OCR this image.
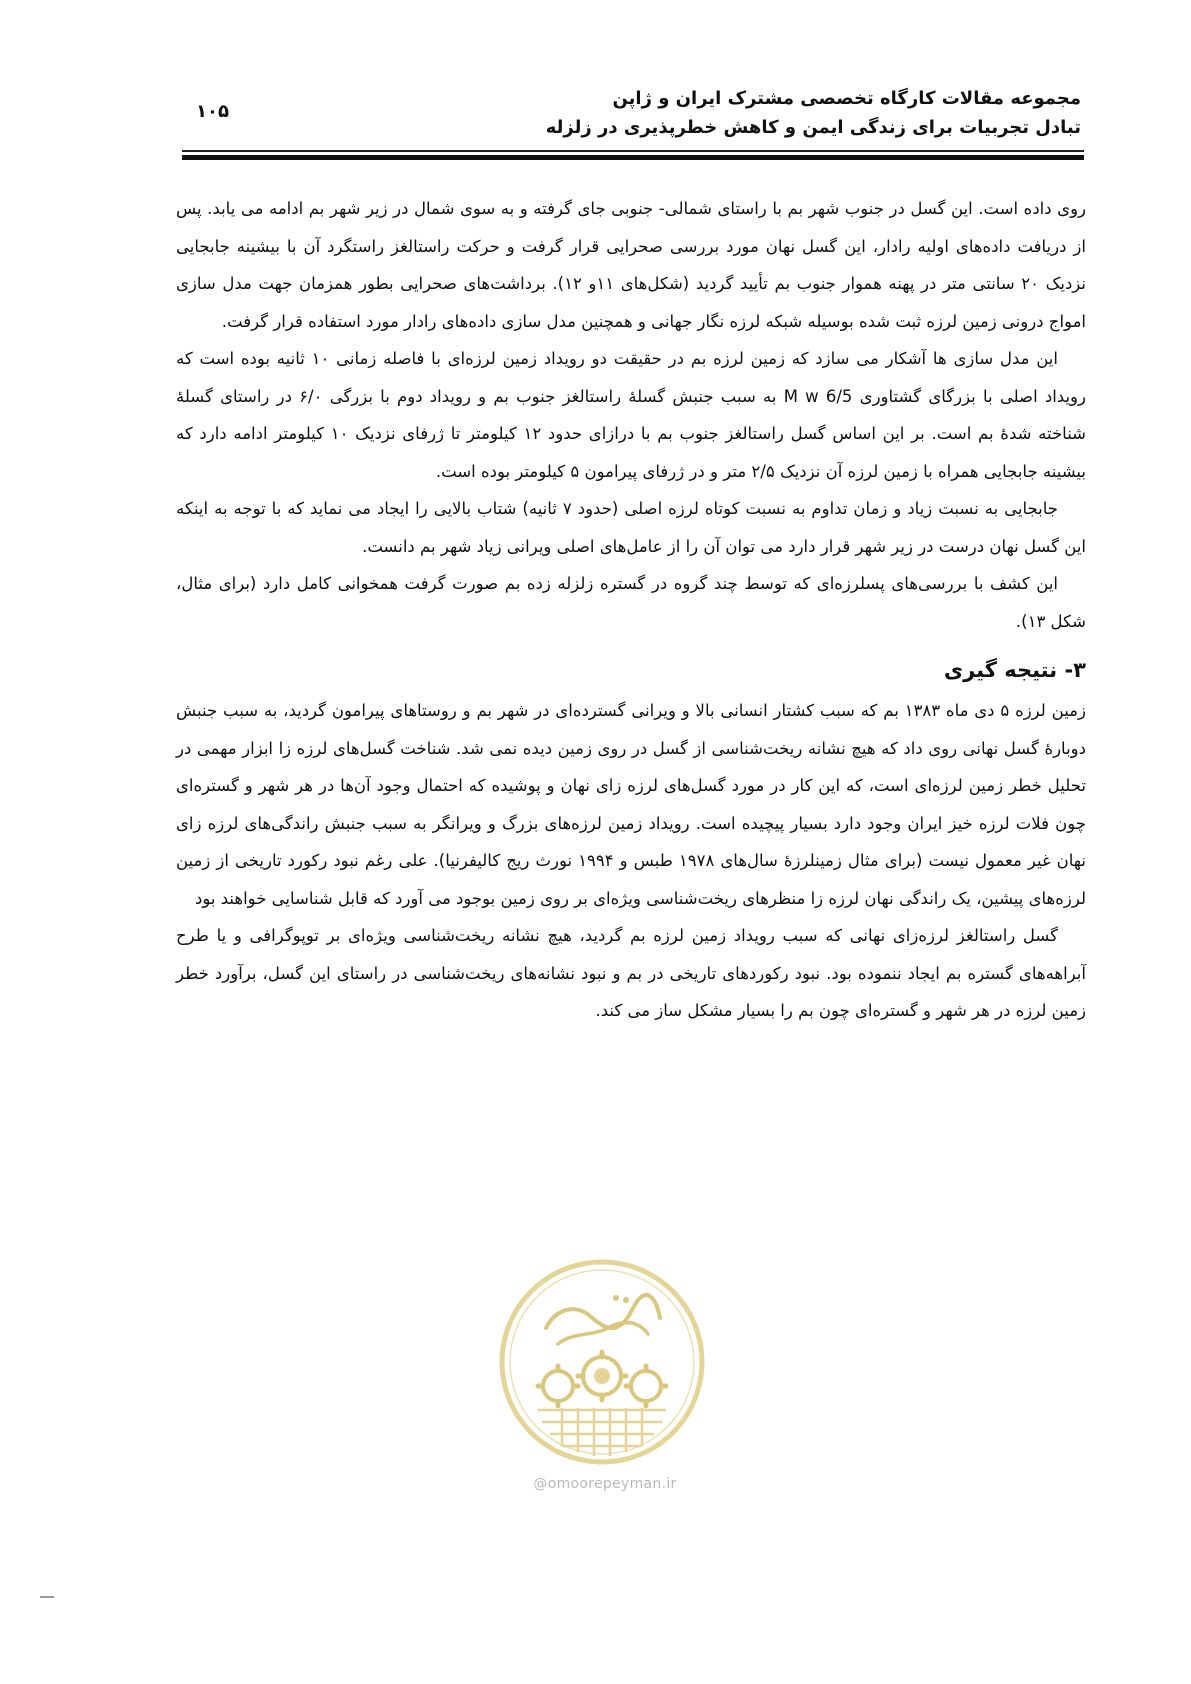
مجموعه مقالات کارگاه تخصصی مشترک ایران و ژاپن
تبادل تجربیات برای زندگی ایمن و کاهش خطرپذیری در زلزله
۱۰۵

روی داده است. این گسل در جنوب شهر بم با راستای شمالی- جنوبی جای گرفته و به سوی شمال در زیر شهر بم ادامه می یابد. پس از دریافت داده‌های اولیه رادار، این گسل نهان مورد بررسی صحرایی قرار گرفت و حرکت راستالغز راستگرد آن با بیشینه جابجایی نزدیک ۲۰ سانتی متر در پهنه هموار جنوب بم تأیید گردید (شکل‌های ۱۱و ۱۲). برداشت‌های صحرایی بطور همزمان جهت مدل سازی امواج درونی زمین لرزه ثبت شده بوسیله شبکه لرزه نگار جهانی و همچنین مدل سازی داده‌های رادار مورد استفاده قرار گرفت.

این مدل سازی ها آشکار می سازد که زمین لرزه بم در حقیقت دو رویداد زمین لرزه‌ای با فاصله زمانی ۱۰ ثانیه بوده است که رویداد اصلی با بزرگای گشتاوری M w 6/5 به سبب جنبش گسلهٔ راستالغز جنوب بم و رویداد دوم با بزرگی ۶/۰ در راستای گسلهٔ شناخته شدهٔ بم است. بر این اساس گسل راستالغز جنوب بم با درازای حدود ۱۲ کیلومتر تا ژرفای نزدیک ۱۰ کیلومتر ادامه دارد که بیشینه جابجایی همراه با زمین لرزه آن نزدیک ۲/۵ متر و در ژرفای پیرامون ۵ کیلومتر بوده است.

جابجایی به نسبت زیاد و زمان تداوم به نسبت کوتاه لرزه اصلی (حدود ۷ ثانیه) شتاب بالایی را ایجاد می نماید که با توجه به اینکه این گسل نهان درست در زیر شهر قرار دارد می توان آن را از عامل‌های اصلی ویرانی زیاد شهر بم دانست.

این کشف با بررسی‌های پسلرزه‌ای که توسط چند گروه در گستره زلزله زده بم صورت گرفت همخوانی کامل دارد (برای مثال، شکل ۱۳).

۳- نتیجه گیری

زمین لرزه ۵ دی ماه ۱۳۸۳ بم که سبب کشتار انسانی بالا و ویرانی گسترده‌ای در شهر بم و روستاهای پیرامون گردید، به سبب جنبش دوبارهٔ گسل نهانی روی داد که هیچ نشانه ریخت‌شناسی از گسل در روی زمین دیده نمی شد. شناخت گسل‌های لرزه زا ابزار مهمی در تحلیل خطر زمین لرزه‌ای است، که این کار در مورد گسل‌های لرزه زای نهان و پوشیده که احتمال وجود آن‌ها در هر شهر و گستره‌ای چون فلات لرزه خیز ایران وجود دارد بسیار پیچیده است. رویداد زمین لرزه‌های بزرگ و ویرانگر به سبب جنبش راندگی‌های لرزه زای نهان غیر معمول نیست (برای مثال زمینلرزهٔ سال‌های ۱۹۷۸ طبس و ۱۹۹۴ نورث ریج کالیفرنیا). علی رغم نبود رکورد تاریخی از زمین لرزه‌های پیشین، یک راندگی نهان لرزه زا منظرهای ریخت‌شناسی ویژه‌ای بر روی زمین بوجود می آورد که قابل شناسایی خواهند بود

گسل راستالغز لرزه‌زای نهانی که سبب رویداد زمین لرزه بم گردید، هیچ نشانه ریخت‌شناسی ویژه‌ای بر توپوگرافی و یا طرح آبراهه‌های گستره بم ایجاد ننموده بود. نبود رکوردهای تاریخی در بم و نبود نشانه‌های ریخت‌شناسی در راستای این گسل، برآورد خطر زمین لرزه در هر شهر و گستره‌ای چون بم را بسیار مشکل ساز می کند.

@omoorepeyman.ir
